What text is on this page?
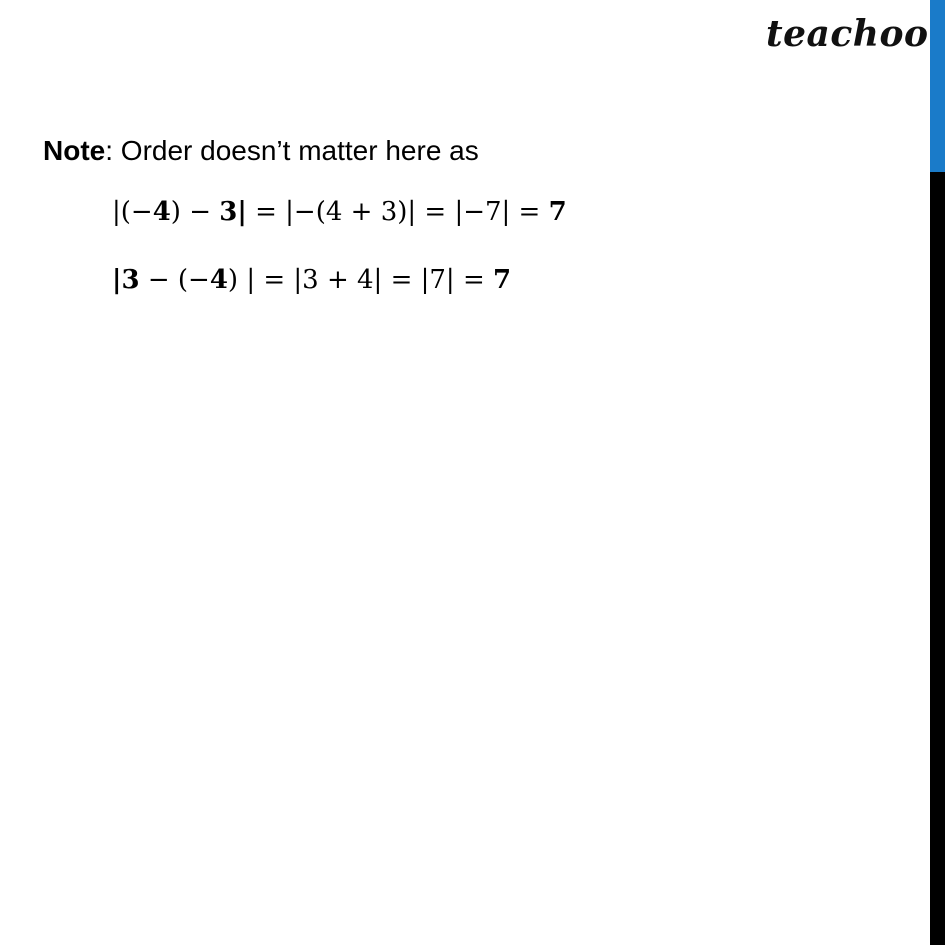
teachoo
Note: Order doesn’t matter here as
|(−4) − 3| = |−(4 + 3)| = |−7| = 7
|3 − (−4) | = |3 + 4| = |7| = 7
